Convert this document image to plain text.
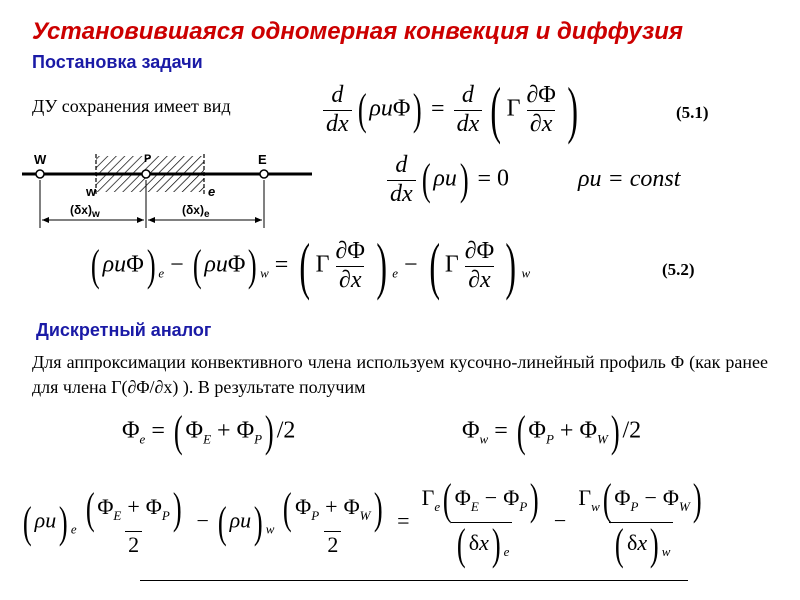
Установившаяся одномерная конвекция и диффузия
Постановка задачи
ДУ сохранения имеет вид	$\frac{d}{dx}$ ( $\rho u\Phi) = \frac{d}{dx}$ ( Γ $\frac{\partial\Phi}{\partial x}$ )	(5.1)
W	P	E
w	e
$(\delta x)_w$	$(\delta x)_e$
$\frac{d}{dx}$ ( ρu) = 0	ρu = const
( ρuΦ) $_e$ − ( ρuΦ) $_w$ = ( Γ $\frac{\partial\Phi}{\partial x}$ ) $_e$ − ( Γ $\frac{\partial\Phi}{\partial x}$ ) $_w$	(5.2)
Дискретный аналог
Для аппроксимации конвективного члена используем кусочно-линейный профиль Φ (как ранее для члена Γ(∂Φ/∂x) ). В результате получим
$\Phi_e$ = ( $\Phi_E + \Phi_P$) /2	$\Phi_w$ = ( $\Phi_P + \Phi_W$) /2
( ρu) $_e \frac{( \Phi_E + \Phi_P)}{2}$ − ( ρu) $_w \frac{( \Phi_P + \Phi_W)}{2} = \frac{\Gamma_e( \Phi_E - \Phi_P)}{( \delta x) _e} - \frac{\Gamma_w( \Phi_P - \Phi_W)}{( \delta x) _w}$
